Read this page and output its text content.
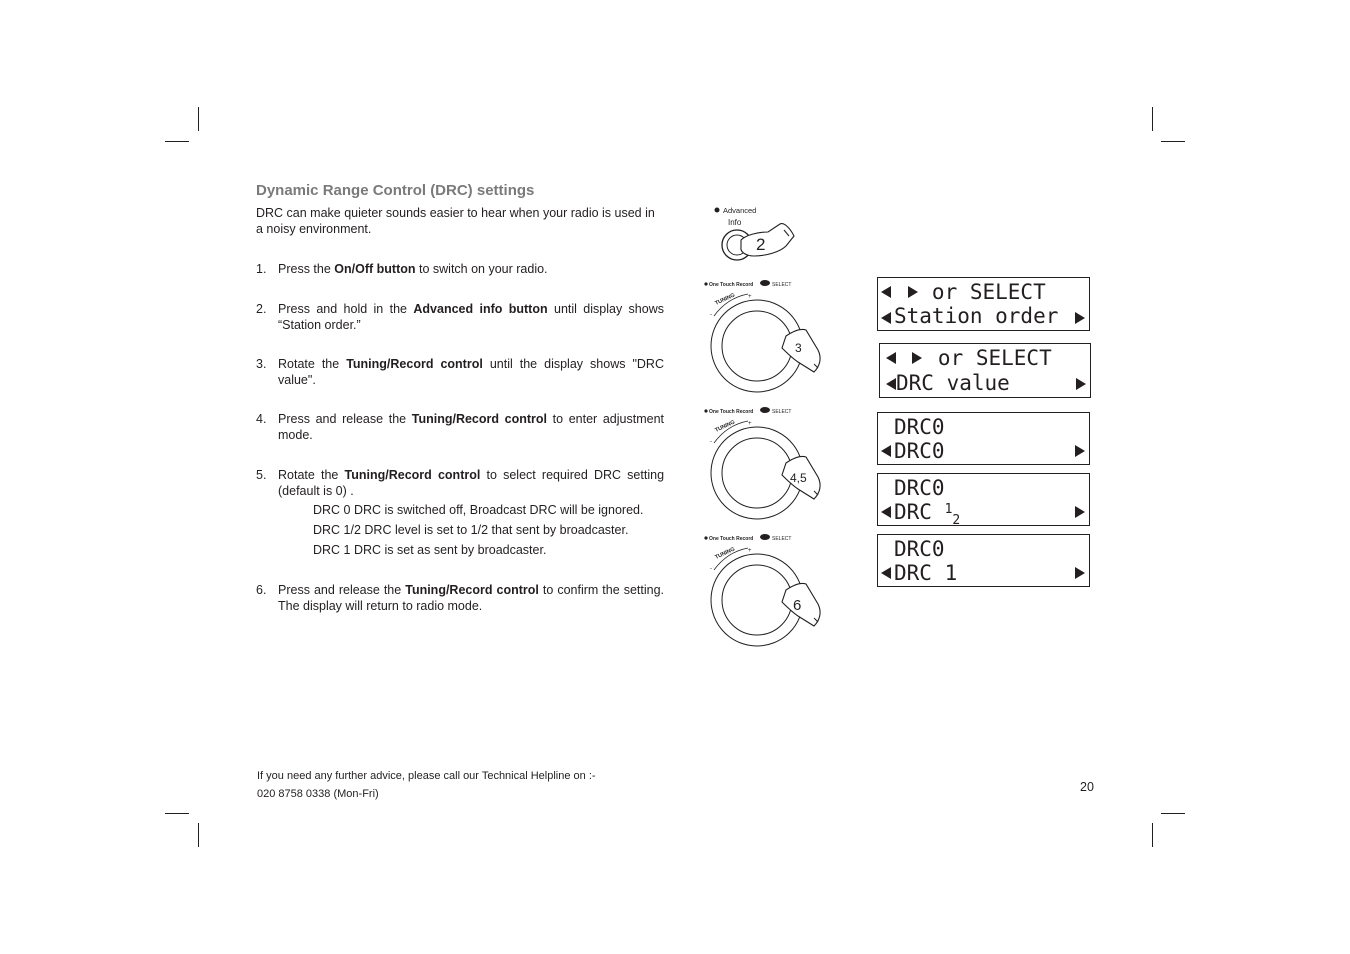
Dynamic Range Control (DRC) settings

DRC can make quieter sounds easier to hear when your radio is used in a noisy environment.

1. Press the On/Off button to switch on your radio.
2. Press and hold in the Advanced info button until display shows “Station order.”
3. Rotate the Tuning/Record control until the display shows "DRC value".
4. Press and release the Tuning/Record control to enter adjustment mode.
5. Rotate the Tuning/Record control to select required DRC setting (default is 0) .
DRC 0 DRC is switched off, Broadcast DRC will be ignored.
DRC 1/2 DRC level is set to 1/2 that sent by broadcaster.
DRC 1 DRC is set as sent by broadcaster.
6. Press and release the Tuning/Record control to confirm the setting. The display will return to radio mode.
If you need any further advice, please call our Technical Helpline on :-
020 8758 0338 (Mon-Fri)	20
Advanced
Info
2
One Touch Record	SELECT
TUNING
-
+
3
One Touch Record	SELECT
TUNING
-
+
4,5
One Touch Record	SELECT
TUNING
-
+
6
or SELECT
Station order
or SELECT
DRC value
DRC0
DRC0
DRC0
DRC $^1_2$
DRC0
DRC 1
